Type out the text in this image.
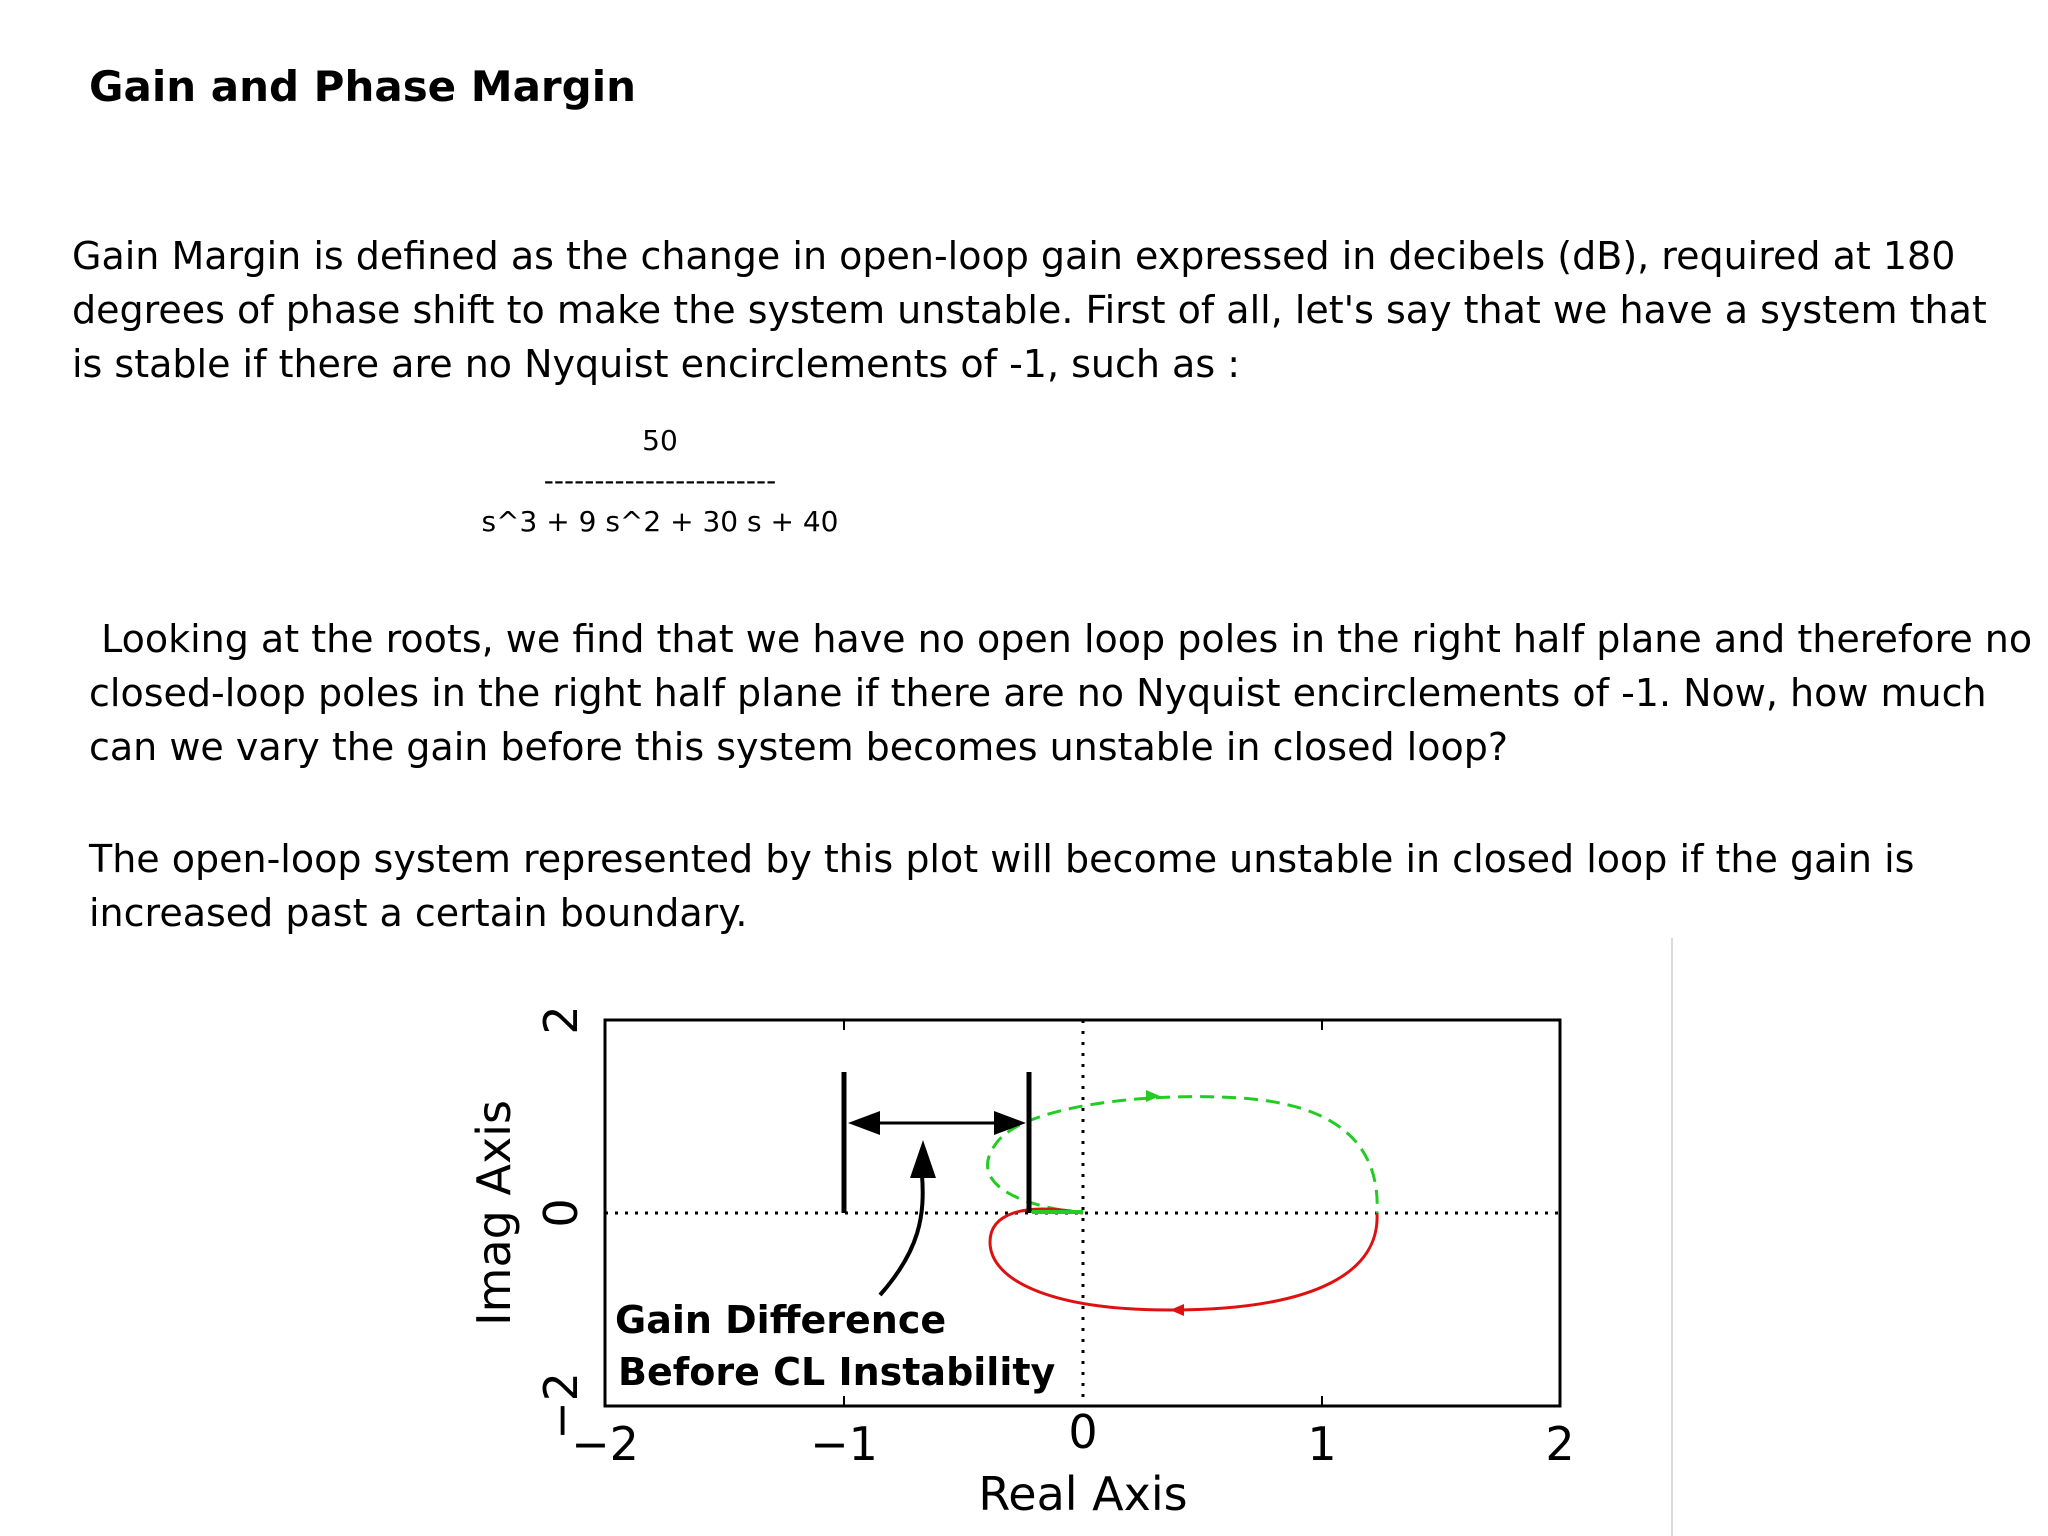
Gain and Phase Margin
Gain Margin is defined as the change in open-loop gain expressed in decibels (dB), required at 180
degrees of phase shift to make the system unstable. First of all, let's say that we have a system that
is stable if there are no Nyquist encirclements of -1, such as :
50
-----------------------
s^3 + 9 s^2 + 30 s + 40
Looking at the roots, we find that we have no open loop poles in the right half plane and therefore no
closed-loop poles in the right half plane if there are no Nyquist encirclements of -1. Now, how much
can we vary the gain before this system becomes unstable in closed loop?
The open-loop system represented by this plot will become unstable in closed loop if the gain is
increased past a certain boundary.
−2	−1	0	1	2
2
0
−2
Real Axis
Imag Axis Gain Difference
Before CL Instability
